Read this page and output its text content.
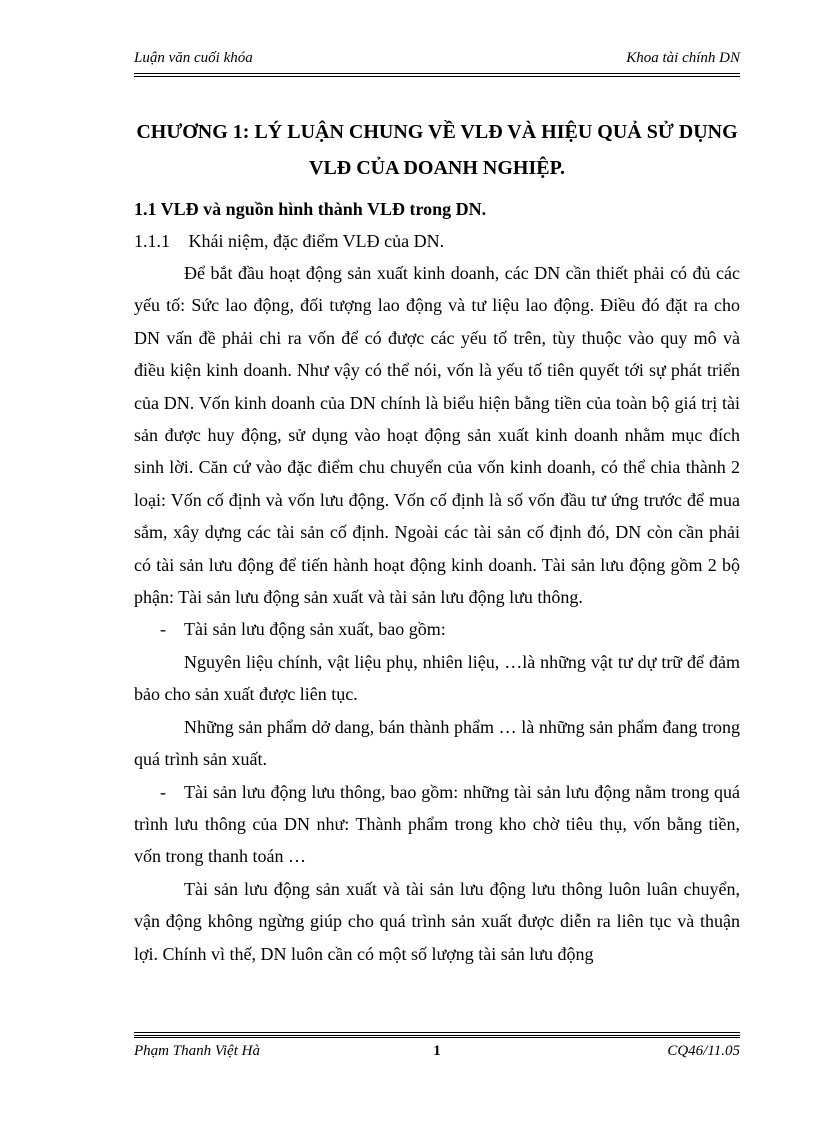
Luận văn cuối khóa	Khoa tài chính DN
CHƯƠNG 1: LÝ LUẬN CHUNG VỀ VLĐ VÀ HIỆU QUẢ SỬ DỤNG VLĐ CỦA DOANH NGHIỆP.
1.1 VLĐ và nguồn hình thành VLĐ trong DN.
1.1.1 Khái niệm, đặc điểm VLĐ của DN.

Để bắt đầu hoạt động sản xuất kinh doanh, các DN cần thiết phải có đủ các yếu tố: Sức lao động, đối tượng lao động và tư liệu lao động. Điều đó đặt ra cho DN vấn đề phải chi ra vốn để có được các yếu tố trên, tùy thuộc vào quy mô và điều kiện kinh doanh. Như vậy có thể nói, vốn là yếu tố tiên quyết tới sự phát triển của DN. Vốn kinh doanh của DN chính là biểu hiện bằng tiền của toàn bộ giá trị tài sản được huy động, sử dụng vào hoạt động sản xuất kinh doanh nhằm mục đích sinh lời. Căn cứ vào đặc điểm chu chuyển của vốn kinh doanh, có thể chia thành 2 loại: Vốn cố định và vốn lưu động. Vốn cố định là số vốn đầu tư ứng trước để mua sắm, xây dựng các tài sản cố định. Ngoài các tài sản cố định đó, DN còn cần phải có tài sản lưu động để tiến hành hoạt động kinh doanh. Tài sản lưu động gồm 2 bộ phận: Tài sản lưu động sản xuất và tài sản lưu động lưu thông.

- Tài sản lưu động sản xuất, bao gồm:

Nguyên liệu chính, vật liệu phụ, nhiên liệu, …là những vật tư dự trữ để đảm bảo cho sản xuất được liên tục.

Những sản phẩm dở dang, bán thành phẩm … là những sản phẩm đang trong quá trình sản xuất.

- Tài sản lưu động lưu thông, bao gồm: những tài sản lưu động nằm trong quá trình lưu thông của DN như: Thành phẩm trong kho chờ tiêu thụ, vốn bằng tiền, vốn trong thanh toán …

Tài sản lưu động sản xuất và tài sản lưu động lưu thông luôn luân chuyển, vận động không ngừng giúp cho quá trình sản xuất được diễn ra liên tục và thuận lợi. Chính vì thế, DN luôn cần có một số lượng tài sản lưu động

Phạm Thanh Việt Hà	1	CQ46/11.05
